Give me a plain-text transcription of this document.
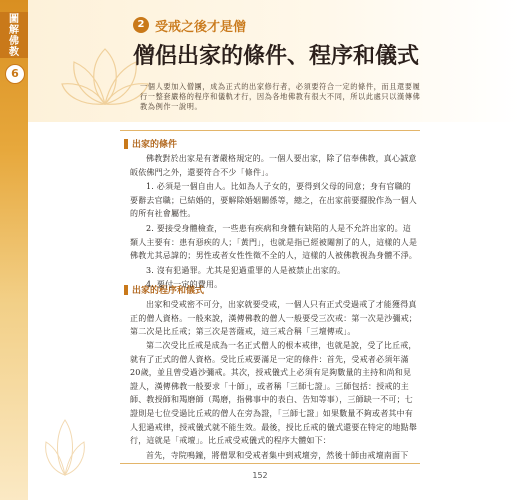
圖解佛教
6
2 受戒之後才是僧
僧侶出家的條件、程序和儀式
一個人要加入僧團，成為正式的出家修行者，必須要符合一定的條件，而且還要履行一整套嚴格的程序和儀軌才行，因為各地佛教有很大不同，所以此處只以漢傳佛教為例作一說明。
出家的條件

佛教對於出家是有著嚴格規定的。一個人要出家，除了信奉佛教，真心誠意皈依佛門之外，還要符合不少「條件」。

1. 必須是一個自由人。比如為人子女的，要得到父母的同意；身有官職的要辭去官職；已結婚的，要解除婚姻關係等，總之，在出家前要擺脫作為一個人的所有社會屬性。

2. 要接受身體檢查，一些患有疾病和身體有缺陷的人是不允許出家的。這類人主要有：患有惡疾的人；「黃門」，也就是指已經被閹割了的人，這樣的人是佛教尤其忌諱的；男性或者女性性徵不全的人，這樣的人被佛教視為身體不淨。

3. 沒有犯過罪。尤其是犯過重罪的人是被禁止出家的。

出家的程序和儀式

出家和受戒密不可分，出家就要受戒，一個人只有正式受過戒了才能獲得真正的僧人資格。一般來說，漢傳佛教的僧人一般要受三次戒：第一次是沙彌戒；第二次是比丘戒；第三次是菩薩戒，這三戒合稱「三壇傳戒」。

第二次受比丘戒是成為一名正式僧人的根本戒律，也就是說，受了比丘戒，就有了正式的僧人資格。受比丘戒要滿足一定的條件：首先，受戒者必須年滿20歲，並且曾受過沙彌戒。其次，授戒儀式上必須有足夠數量的主持和尚和見證人，漢傳佛教一般要求「十師」，或者稱「三師七證」。三師包括：授戒的主師、教授師和羯磨師（羯磨，指佛事中的表白、告知等事），三師缺一不可；七證則是七位受過比丘戒的僧人在旁為證，「三師七證」如果數量不夠或者其中有人犯過戒律，授戒儀式就不能生效。最後，授比丘戒的儀式還要在特定的地點舉行，這就是「戒壇」。比丘戒受戒儀式的程序大體如下：

首先，寺院鳴鐘，將僧眾和受戒者集中到戒壇旁，然後十師由戒壇南面下

4. 要付一定的費用。

152
